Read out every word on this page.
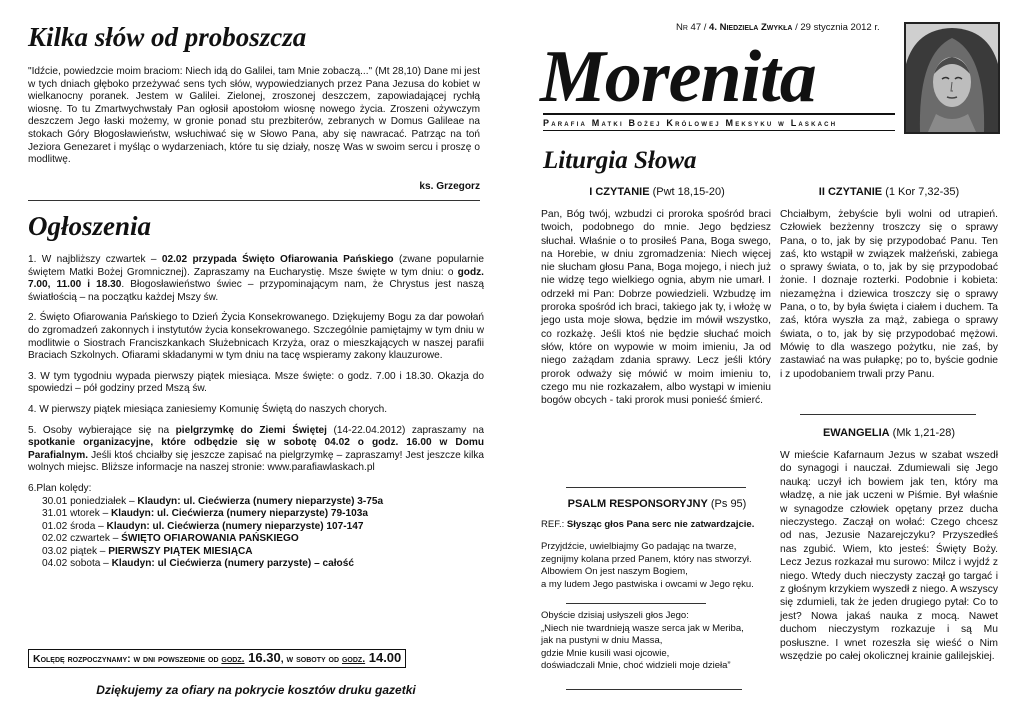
Kilka słów od proboszcza
"Idźcie, powiedzcie moim braciom: Niech idą do Galilei, tam Mnie zobaczą..." (Mt 28,10) Dane mi jest w tych dniach głęboko przeżywać sens tych słów, wypowiedzianych przez Pana Jezusa do kobiet w wielkanocny poranek. Jestem w Galilei. Zielonej, zroszonej deszczem, zapowiadającej rychłą wiosnę. To tu Zmartwychwstały Pan ogłosił apostołom wiosnę nowego życia. Zroszeni ożywczym deszczem Jego łaski możemy, w gronie ponad stu prezbiterów, zebranych w Domus Galileae na stokach Góry Błogosławieństw, wsłuchiwać się w Słowo Pana, aby się nawracać. Patrząc na toń Jeziora Genezaret i myśląc o wydarzeniach, które tu się działy, noszę Was w swoim sercu i proszę o modlitwę.
ks. Grzegorz
Ogłoszenia

1. W najbliższy czwartek – 02.02 przypada Święto Ofiarowania Pańskiego (zwane popularnie świętem Matki Bożej Gromnicznej). Zapraszamy na Eucharystię. Msze święte w tym dniu: o godz. 7.00, 11.00 i 18.30. Błogosławieństwo świec – przypominającym nam, że Chrystus jest naszą światłością – na początku każdej Mszy św.

2. Święto Ofiarowania Pańskiego to Dzień Życia Konsekrowanego. Dziękujemy Bogu za dar powołań do zgromadzeń zakonnych i instytutów życia konsekrowanego. Szczególnie pamiętajmy w tym dniu w modlitwie o Siostrach Franciszkankach Służebnicach Krzyża, oraz o mieszkających w naszej parafii Braciach Szkolnych. Ofiarami składanymi w tym dniu na tacę wspieramy zakony klauzurowe.

3. W tym tygodniu wypada pierwszy piątek miesiąca. Msze święte: o godz. 7.00 i 18.30. Okazja do spowiedzi – pół godziny przed Mszą św.

4. W pierwszy piątek miesiąca zaniesiemy Komunię Świętą do naszych chorych.

5. Osoby wybierające się na pielgrzymkę do Ziemi Świętej (14-22.04.2012) zapraszamy na spotkanie organizacyjne, które odbędzie się w sobotę 04.02 o godz. 16.00 w Domu Parafialnym. Jeśli ktoś chciałby się jeszcze zapisać na pielgrzymkę – zapraszamy! Jest jeszcze kilka wolnych miejsc. Bliższe informacje na naszej stronie: www.parafiawlaskach.pl

6.Plan kolędy:

30.01 poniedziałek – Klaudyn: ul. Ciećwierza (numery nieparzyste) 3-75a

31.01 wtorek – Klaudyn: ul. Ciećwierza (numery nieparzyste) 79-103a

01.02 środa – Klaudyn: ul. Ciećwierza (numery nieparzyste) 107-147

02.02 czwartek – ŚWIĘTO OFIAROWANIA PAŃSKIEGO

03.02 piątek – PIERWSZY PIĄTEK MIESIĄCA

04.02 sobota – Klaudyn: ul Ciećwierza (numery parzyste) – całość

Kolędę rozpoczynamy: w dni powszednie od godz. 16.30, w soboty od godz. 14.00
Dziękujemy za ofiary na pokrycie kosztów druku gazetki
Nr 47 / 4. Niedziela Zwykła / 29 stycznia 2012 r.
Morenita
Parafia Matki Bożej Królowej Meksyku w Laskach
Liturgia Słowa
I CZYTANIE (Pwt 18,15-20)
Pan, Bóg twój, wzbudzi ci proroka spośród braci twoich, podobnego do mnie. Jego będziesz słuchał. Właśnie o to prosiłeś Pana, Boga swego, na Horebie, w dniu zgromadzenia: Niech więcej nie słucham głosu Pana, Boga mojego, i niech już nie widzę tego wielkiego ognia, abym nie umarł. I odrzekł mi Pan: Dobrze powiedzieli. Wzbudzę im proroka spośród ich braci, takiego jak ty, i włożę w jego usta moje słowa, będzie im mówił wszystko, co rozkażę. Jeśli ktoś nie będzie słuchać moich słów, które on wypowie w moim imieniu, Ja od niego zażądam zdania sprawy. Lecz jeśli który prorok odważy się mówić w moim imieniu to, czego mu nie rozkazałem, albo wystąpi w imieniu bogów obcych - taki prorok musi ponieść śmierć.
II CZYTANIE (1 Kor 7,32-35)
Chciałbym, żebyście byli wolni od utrapień. Człowiek bezżenny troszczy się o sprawy Pana, o to, jak by się przypodobać Panu. Ten zaś, kto wstąpił w związek małżeński, zabiega o sprawy świata, o to, jak by się przypodobać żonie. I doznaje rozterki. Podobnie i kobieta: niezamężna i dziewica troszczy się o sprawy Pana, o to, by była święta i ciałem i duchem. Ta zaś, która wyszła za mąż, zabiega o sprawy świata, o to, jak by się przypodobać mężowi. Mówię to dla waszego pożytku, nie zaś, by zastawiać na was pułapkę; po to, byście godnie i z upodobaniem trwali przy Panu.
EWANGELIA (Mk 1,21-28)
W mieście Kafarnaum Jezus w szabat wszedł do synagogi i nauczał. Zdumiewali się Jego nauką: uczył ich bowiem jak ten, który ma władzę, a nie jak uczeni w Piśmie. Był właśnie w synagodze człowiek opętany przez ducha nieczystego. Zaczął on wołać: Czego chcesz od nas, Jezusie Nazarejczyku? Przyszedłeś nas zgubić. Wiem, kto jesteś: Święty Boży. Lecz Jezus rozkazał mu surowo: Milcz i wyjdź z niego. Wtedy duch nieczysty zaczął go targać i z głośnym krzykiem wyszedł z niego. A wszyscy się zdumieli, tak że jeden drugiego pytał: Co to jest? Nowa jakaś nauka z mocą. Nawet duchom nieczystym rozkazuje i są Mu posłuszne. I wnet rozeszła się wieść o Nim wszędzie po całej okolicznej krainie galilejskiej.
PSALM RESPONSORYJNY (Ps 95)
REF.: Słysząc głos Pana serc nie zatwardzajcie.

Przyjdźcie, uwielbiajmy Go padając na twarze,

zegnijmy kolana przed Panem, który nas stworzył.

Albowiem On jest naszym Bogiem,

a my ludem Jego pastwiska i owcami w Jego ręku.

Obyście dzisiaj usłyszeli głos Jego:

„Niech nie twardnieją wasze serca jak w Meriba,

jak na pustyni w dniu Massa,

gdzie Mnie kusili wasi ojcowie,

doświadczali Mnie, choć widzieli moje dzieła”
